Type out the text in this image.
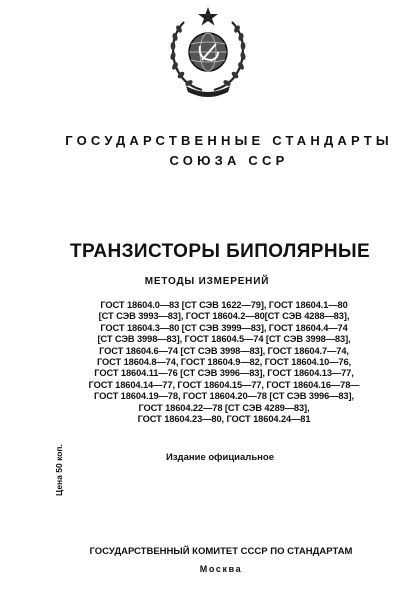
ГОСУДАРСТВЕННЫЕ СТАНДАРТЫ
СОЮЗА ССР
ТРАНЗИСТОРЫ БИПОЛЯРНЫЕ
МЕТОДЫ ИЗМЕРЕНИЙ
ГОСТ 18604.0—83 [СТ СЭВ 1622—79], ГОСТ 18604.1—80
[СТ СЭВ 3993—83], ГОСТ 18604.2—80[СТ СЭВ 4288—83],
ГОСТ 18604.3—80 [СТ СЭВ 3999—83], ГОСТ 18604.4—74
[СТ СЭВ 3998—83], ГОСТ 18604.5—74 [СТ СЭВ 3998—83],
ГОСТ 18604.6—74 [СТ СЭВ 3998—83], ГОСТ 18604.7—74,
ГОСТ 18604.8—74, ГОСТ 18604.9—82, ГОСТ 18604.10—76,
ГОСТ 18604.11—76 [СТ СЭВ 3996—83], ГОСТ 18604.13—77,
ГОСТ 18604.14—77, ГОСТ 18604.15—77, ГОСТ 18604.16—78—
ГОСТ 18604.19—78, ГОСТ 18604.20—78 [СТ СЭВ 3996—83],
ГОСТ 18604.22—78 [СТ СЭВ 4289—83],
ГОСТ 18604.23—80, ГОСТ 18604.24—81
Издание официальное
Цена 50 коп.
ГОСУДАРСТВЕННЫЙ КОМИТЕТ СССР ПО СТАНДАРТАМ
Москва
